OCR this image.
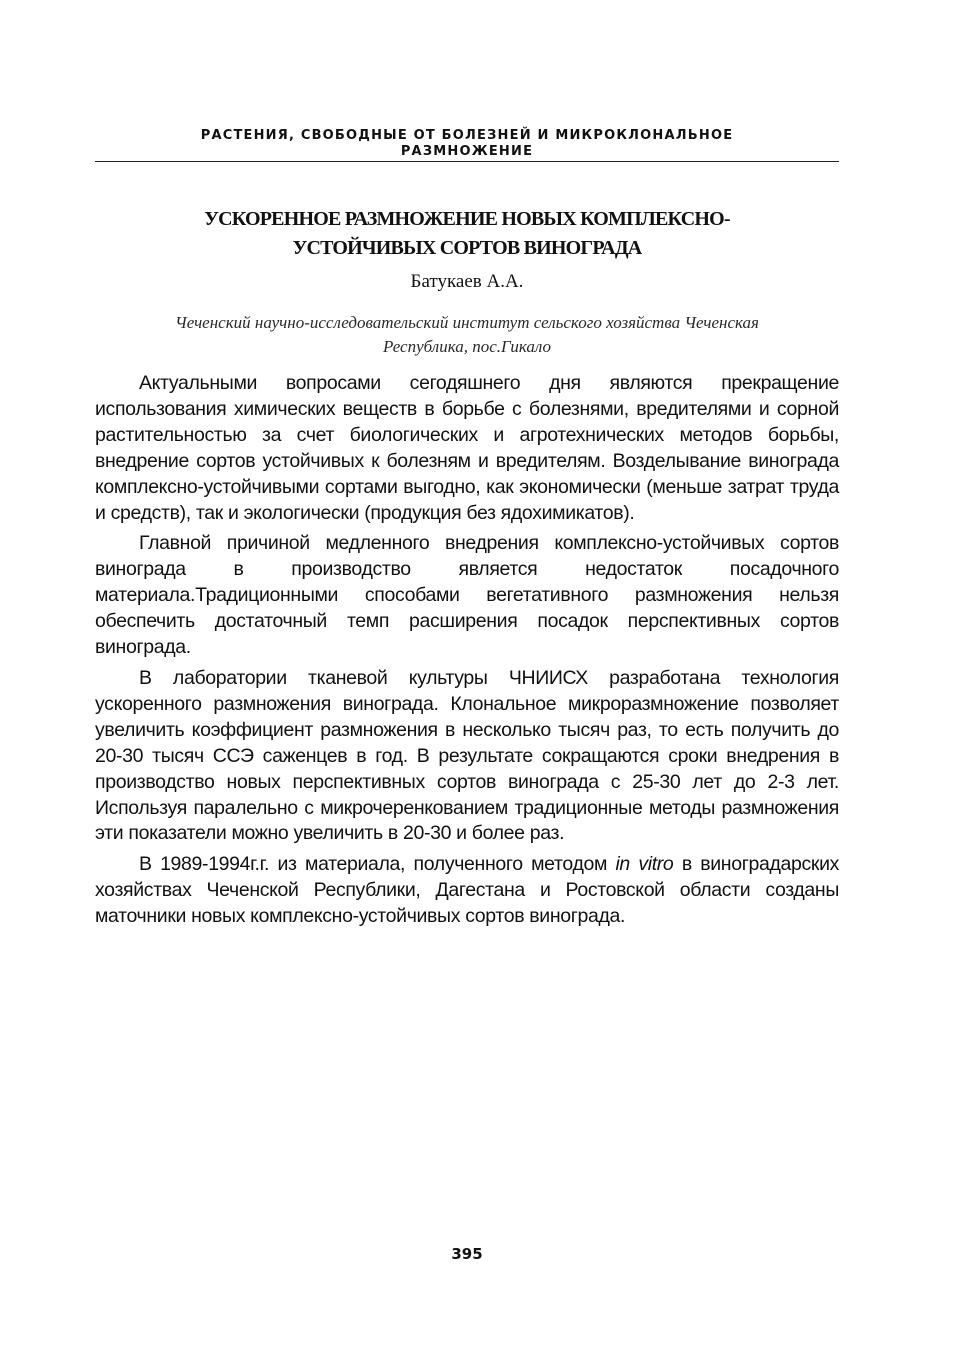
РАСТЕНИЯ, СВОБОДНЫЕ ОТ БОЛЕЗНЕЙ И МИКРОКЛОНАЛЬНОЕ
РАЗМНОЖЕНИЕ
УСКОРЕННОЕ РАЗМНОЖЕНИЕ НОВЫХ КОМПЛЕКСНО-
УСТОЙЧИВЫХ СОРТОВ ВИНОГРАДА
Батукаев А.А.
Чеченский научно-исследовательский институт сельского хозяйства Чеченская
Республика, пос.Гикало

Актуальными вопросами сегодяшнего дня являются прекращение использования химических веществ в борьбе с болезнями, вредителями и сорной растительностью за счет биологических и агротехнических методов борьбы, внедрение сортов устойчивых к болезням и вредителям. Возделывание винограда комплексно-устойчивыми сортами выгодно, как экономически (меньше затрат труда и средств), так и экологически (продукция без ядохимикатов).

Главной причиной медленного внедрения комплексно-устойчивых сортов винограда в производство является недостаток посадочного материала.Традиционными способами вегетативного размножения нельзя обеспечить достаточный темп расширения посадок перспективных сортов винограда.

В лаборатории тканевой культуры ЧНИИСХ разработана технология ускоренного размножения винограда. Клональное микроразмножение позволяет увеличить коэффициент размножения в несколько тысяч раз, то есть получить до 20-30 тысяч ССЭ саженцев в год. В результате сокращаются сроки внедрения в производство новых перспективных сортов винограда с 25-30 лет до 2-3 лет. Используя паралельно с микрочеренкованием традиционные методы размножения эти показатели можно увеличить в 20-30 и более раз.

В 1989-1994г.г. из материала, полученного методом in vitro в виноградарских хозяйствах Чеченской Республики, Дагестана и Ростовской области созданы маточники новых комплексно-устойчивых сортов винограда.

395
